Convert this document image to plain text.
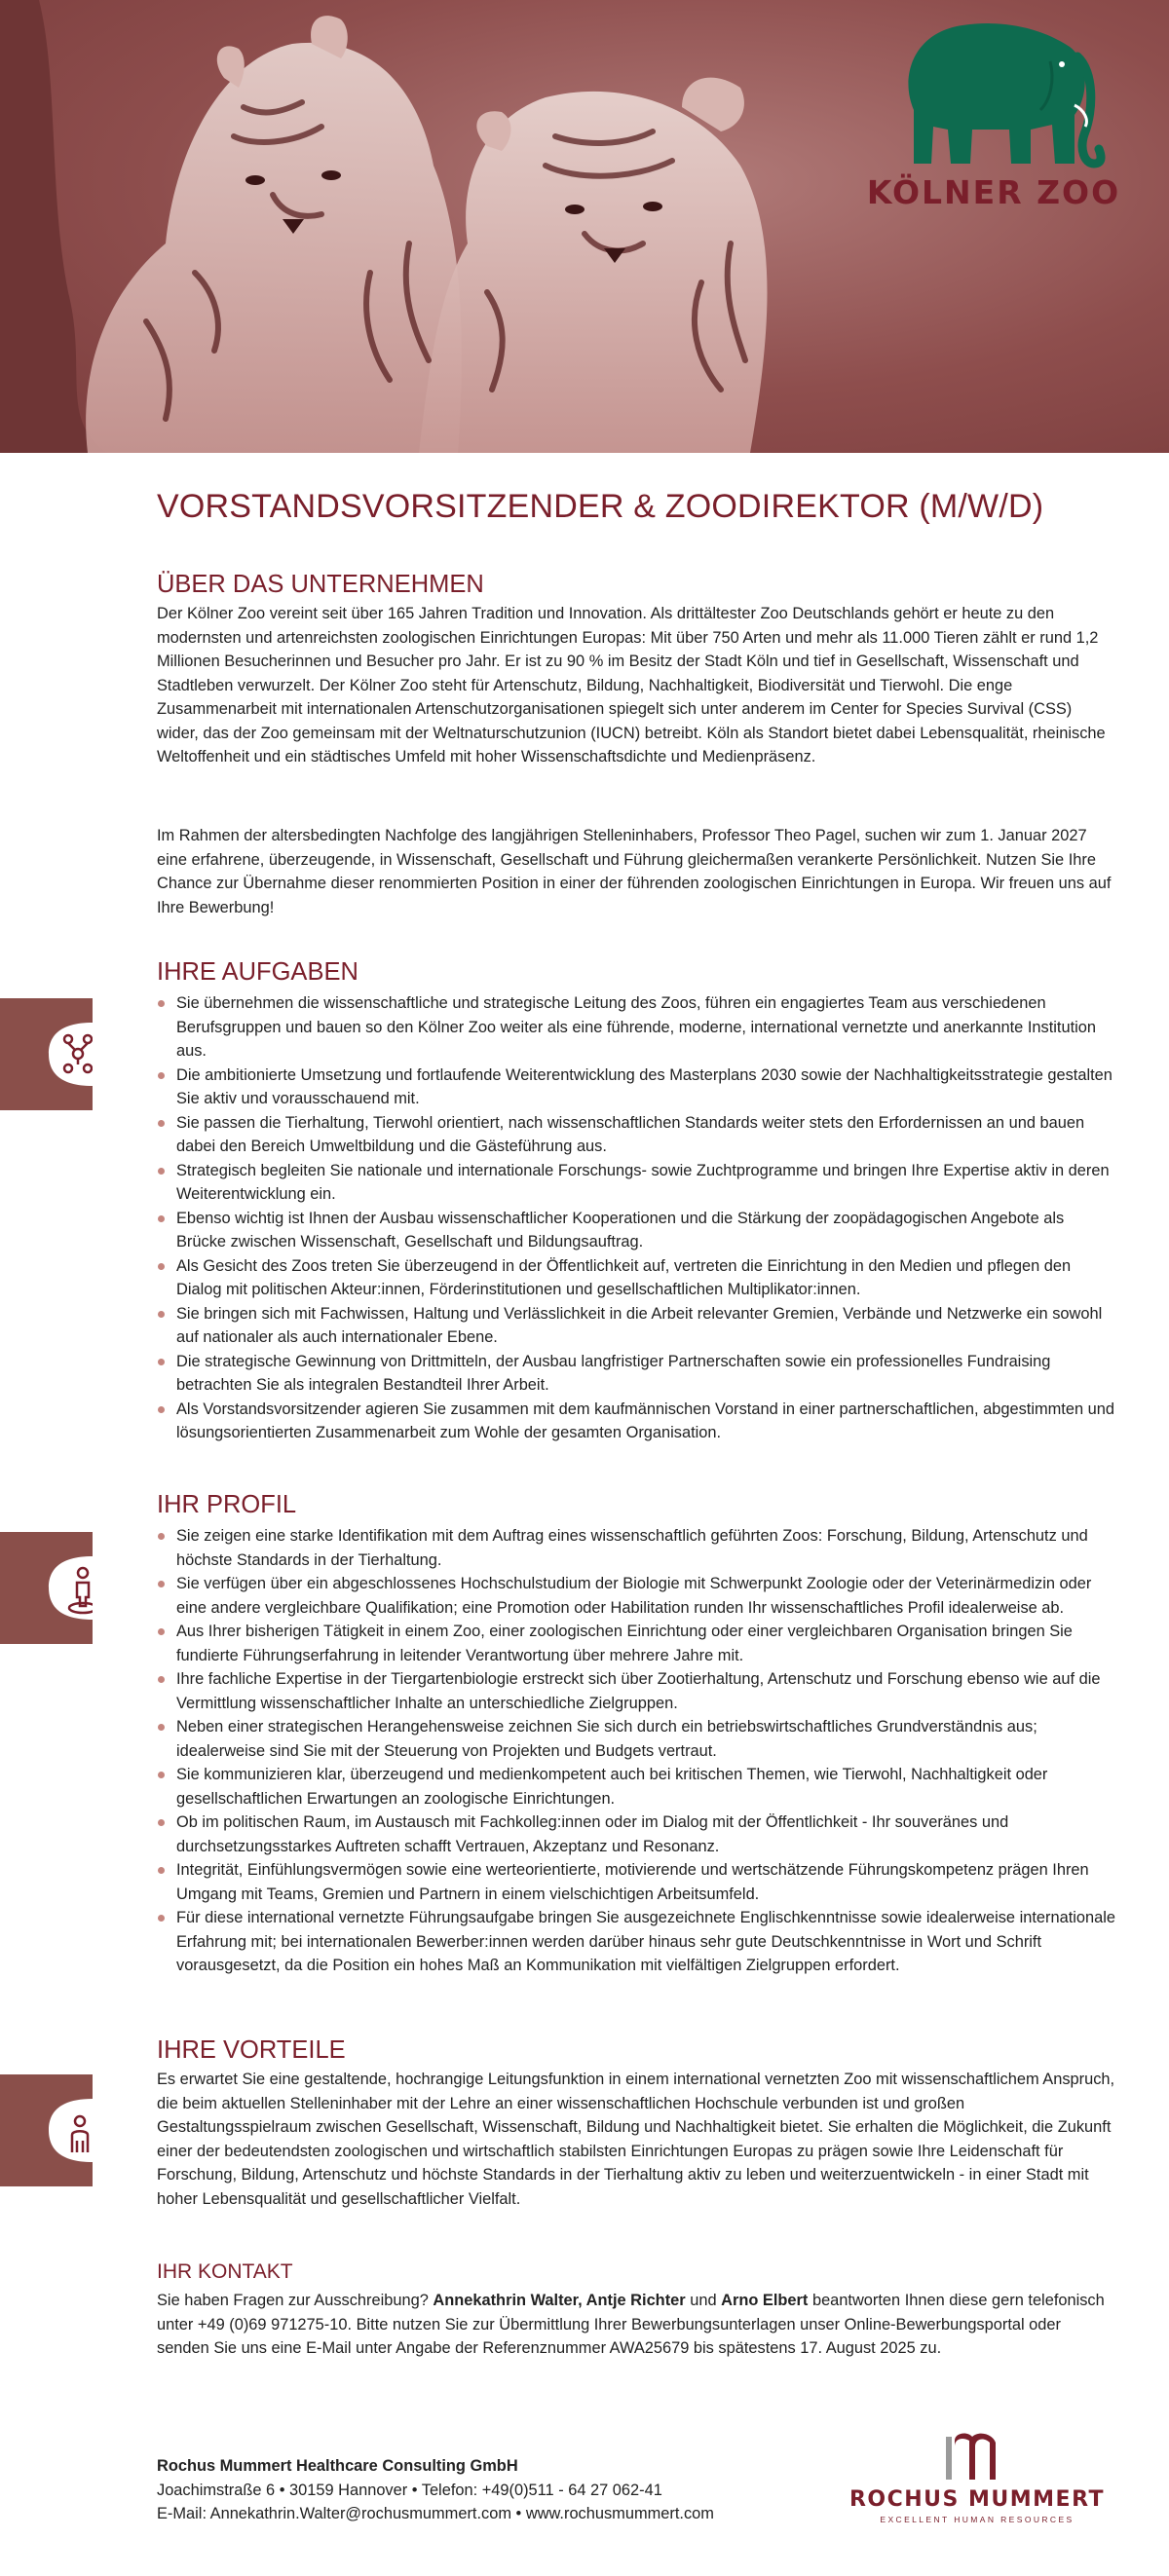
KÖLNER ZOO
VORSTANDSVORSITZENDER & ZOODIREKTOR (M/W/D)
ÜBER DAS UNTERNEHMEN

Der Kölner Zoo vereint seit über 165 Jahren Tradition und Innovation. Als drittältester Zoo Deutschlands gehört er heute zu den modernsten und artenreichsten zoologischen Einrichtungen Europas: Mit über 750 Arten und mehr als 11.000 Tieren zählt er rund 1,2 Millionen Besucherinnen und Besucher pro Jahr. Er ist zu 90 % im Besitz der Stadt Köln und tief in Gesellschaft, Wissenschaft und Stadtleben verwurzelt. Der Kölner Zoo steht für Artenschutz, Bildung, Nachhaltigkeit, Biodiversität und Tierwohl. Die enge Zusammenarbeit mit internationalen Artenschutzorganisationen spiegelt sich unter anderem im Center for Species Survival (CSS) wider, das der Zoo gemeinsam mit der Weltnaturschutzunion (IUCN) betreibt. Köln als Standort bietet dabei Lebensqualität, rheinische Weltoffenheit und ein städtisches Umfeld mit hoher Wissenschaftsdichte und Medienpräsenz.

Im Rahmen der altersbedingten Nachfolge des langjährigen Stelleninhabers, Professor Theo Pagel, suchen wir zum 1. Januar 2027 eine erfahrene, überzeugende, in Wissenschaft, Gesellschaft und Führung gleichermaßen verankerte Persönlichkeit. Nutzen Sie Ihre Chance zur Übernahme dieser renommierten Position in einer der führenden zoologischen Einrichtungen in Europa. Wir freuen uns auf Ihre Bewerbung!

IHRE AUFGABEN
Sie übernehmen die wissenschaftliche und strategische Leitung des Zoos, führen ein engagiertes Team aus verschiedenen Berufsgruppen und bauen so den Kölner Zoo weiter als eine führende, moderne, international vernetzte und anerkannte Institution aus.
Die ambitionierte Umsetzung und fortlaufende Weiterentwicklung des Masterplans 2030 sowie der Nachhaltigkeitsstrategie gestalten Sie aktiv und vorausschauend mit.
Sie passen die Tierhaltung, Tierwohl orientiert, nach wissenschaftlichen Standards weiter stets den Erfordernissen an und bauen dabei den Bereich Umweltbildung und die Gästeführung aus.
Strategisch begleiten Sie nationale und internationale Forschungs- sowie Zuchtprogramme und bringen Ihre Expertise aktiv in deren Weiterentwicklung ein.
Ebenso wichtig ist Ihnen der Ausbau wissenschaftlicher Kooperationen und die Stärkung der zoopädagogischen Angebote als Brücke zwischen Wissenschaft, Gesellschaft und Bildungsauftrag.
Als Gesicht des Zoos treten Sie überzeugend in der Öffentlichkeit auf, vertreten die Einrichtung in den Medien und pflegen den Dialog mit politischen Akteur:innen, Förderinstitutionen und gesellschaftlichen Multiplikator:innen.
Sie bringen sich mit Fachwissen, Haltung und Verlässlichkeit in die Arbeit relevanter Gremien, Verbände und Netzwerke ein sowohl auf nationaler als auch internationaler Ebene.
Die strategische Gewinnung von Drittmitteln, der Ausbau langfristiger Partnerschaften sowie ein professionelles Fundraising betrachten Sie als integralen Bestandteil Ihrer Arbeit.
Als Vorstandsvorsitzender agieren Sie zusammen mit dem kaufmännischen Vorstand in einer partnerschaftlichen, abgestimmten und lösungsorientierten Zusammenarbeit zum Wohle der gesamten Organisation.
IHR PROFIL
Sie zeigen eine starke Identifikation mit dem Auftrag eines wissenschaftlich geführten Zoos: Forschung, Bildung, Artenschutz und höchste Standards in der Tierhaltung.
Sie verfügen über ein abgeschlossenes Hochschulstudium der Biologie mit Schwerpunkt Zoologie oder der Veterinärmedizin oder eine andere vergleichbare Qualifikation; eine Promotion oder Habilitation runden Ihr wissenschaftliches Profil idealerweise ab.
Aus Ihrer bisherigen Tätigkeit in einem Zoo, einer zoologischen Einrichtung oder einer vergleichbaren Organisation bringen Sie fundierte Führungserfahrung in leitender Verantwortung über mehrere Jahre mit.
Ihre fachliche Expertise in der Tiergartenbiologie erstreckt sich über Zootierhaltung, Artenschutz und Forschung ebenso wie auf die Vermittlung wissenschaftlicher Inhalte an unterschiedliche Zielgruppen.
Neben einer strategischen Herangehensweise zeichnen Sie sich durch ein betriebswirtschaftliches Grundverständnis aus; idealerweise sind Sie mit der Steuerung von Projekten und Budgets vertraut.
Sie kommunizieren klar, überzeugend und medienkompetent auch bei kritischen Themen, wie Tierwohl, Nachhaltigkeit oder gesellschaftlichen Erwartungen an zoologische Einrichtungen.
Ob im politischen Raum, im Austausch mit Fachkolleg:innen oder im Dialog mit der Öffentlichkeit - Ihr souveränes und durchsetzungsstarkes Auftreten schafft Vertrauen, Akzeptanz und Resonanz.
Integrität, Einfühlungsvermögen sowie eine werteorientierte, motivierende und wertschätzende Führungskompetenz prägen Ihren Umgang mit Teams, Gremien und Partnern in einem vielschichtigen Arbeitsumfeld.
Für diese international vernetzte Führungsaufgabe bringen Sie ausgezeichnete Englischkenntnisse sowie idealerweise internationale Erfahrung mit; bei internationalen Bewerber:innen werden darüber hinaus sehr gute Deutschkenntnisse in Wort und Schrift vorausgesetzt, da die Position ein hohes Maß an Kommunikation mit vielfältigen Zielgruppen erfordert.
IHRE VORTEILE

Es erwartet Sie eine gestaltende, hochrangige Leitungsfunktion in einem international vernetzten Zoo mit wissenschaftlichem Anspruch, die beim aktuellen Stelleninhaber mit der Lehre an einer wissenschaftlichen Hochschule verbunden ist und großen Gestaltungsspielraum zwischen Gesellschaft, Wissenschaft, Bildung und Nachhaltigkeit bietet. Sie erhalten die Möglichkeit, die Zukunft einer der bedeutendsten zoologischen und wirtschaftlich stabilsten Einrichtungen Europas zu prägen sowie Ihre Leidenschaft für Forschung, Bildung, Artenschutz und höchste Standards in der Tierhaltung aktiv zu leben und weiterzuentwickeln - in einer Stadt mit hoher Lebensqualität und gesellschaftlicher Vielfalt.

IHR KONTAKT

Sie haben Fragen zur Ausschreibung? Annekathrin Walter, Antje Richter und Arno Elbert beantworten Ihnen diese gern telefonisch unter +49 (0)69 971275-10. Bitte nutzen Sie zur Übermittlung Ihrer Bewerbungsunterlagen unser Online-Bewerbungsportal oder senden Sie uns eine E-Mail unter Angabe der Referenznummer AWA25679 bis spätestens 17. August 2025 zu.

Rochus Mummert Healthcare Consulting GmbH
Joachimstraße 6 • 30159 Hannover • Telefon: +49(0)511 - 64 27 062-41
E-Mail: Annekathrin.Walter@rochusmummert.com • www.rochusmummert.com
ROCHUS MUMMERT
EXCELLENT HUMAN RESOURCES
